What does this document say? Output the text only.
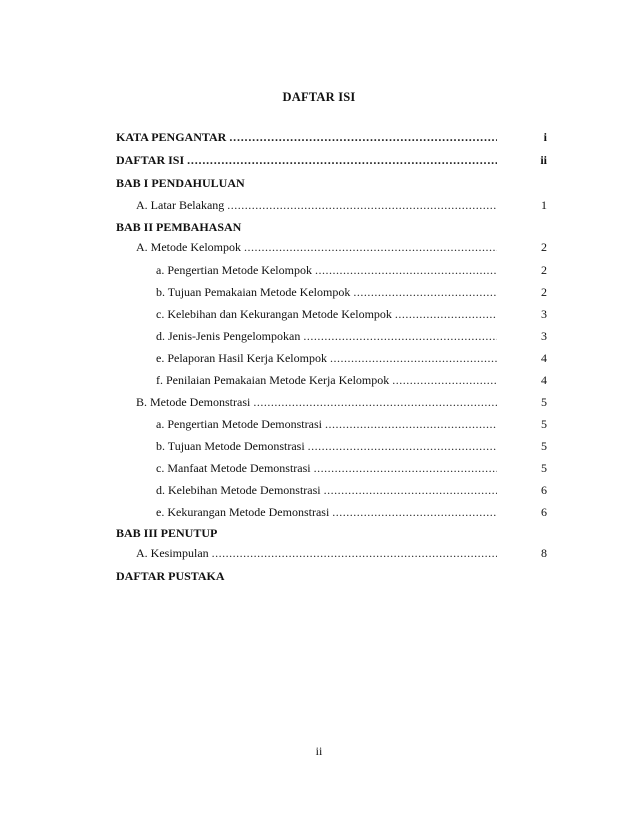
DAFTAR ISI
KATA PENGANTAR .....	i
DAFTAR ISI .....	ii
BAB I PENDAHULUAN
A. Latar Belakang .....	1
BAB II PEMBAHASAN
A. Metode Kelompok .....	2
a. Pengertian Metode Kelompok .....	2
b. Tujuan Pemakaian Metode Kelompok .....	2
c. Kelebihan dan Kekurangan Metode Kelompok .....	3
d. Jenis-Jenis Pengelompokan .....	3
e. Pelaporan Hasil Kerja Kelompok .....	4
f. Penilaian Pemakaian Metode Kerja Kelompok .....	4
B. Metode Demonstrasi .....	5
a. Pengertian Metode Demonstrasi .....	5
b. Tujuan Metode Demonstrasi .....	5
c. Manfaat Metode Demonstrasi .....	5
d. Kelebihan Metode Demonstrasi .....	6
e. Kekurangan Metode Demonstrasi .....	6
BAB III PENUTUP
A. Kesimpulan .....	8
DAFTAR PUSTAKA
ii
